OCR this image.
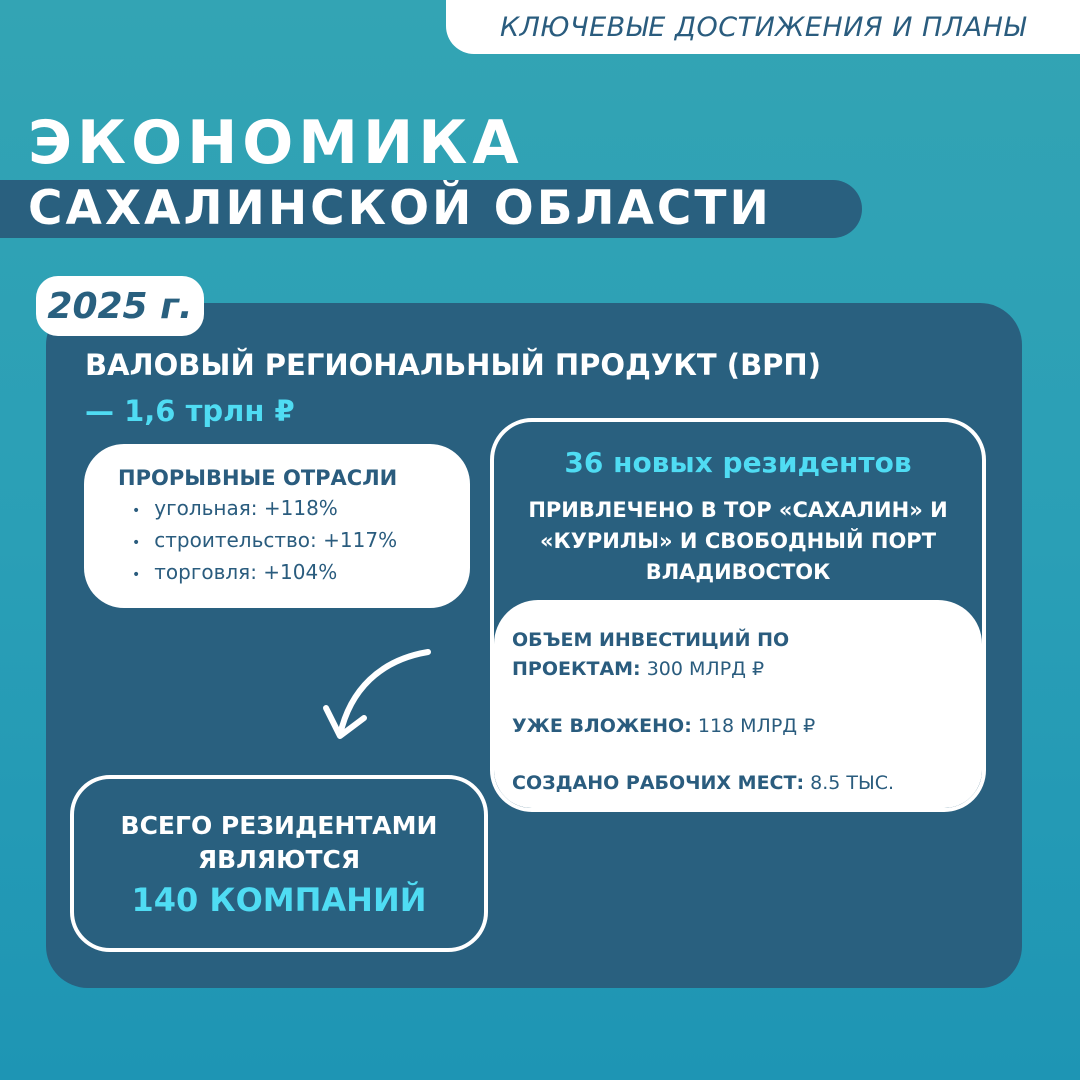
КЛЮЧЕВЫЕ ДОСТИЖЕНИЯ И ПЛАНЫ
ЭКОНОМИКА
САХАЛИНСКОЙ ОБЛАСТИ
2025 г.
ВАЛОВЫЙ РЕГИОНАЛЬНЫЙ ПРОДУКТ (ВРП)
— 1,6 трлн ₽
ПРОРЫВНЫЕ ОТРАСЛИ
• угольная: +118%
• строительство: +117%
• торговля: +104%
ВСЕГО РЕЗИДЕНТАМИ ЯВЛЯЮТСЯ
140 КОМПАНИЙ
36 новых резидентов
ПРИВЛЕЧЕНО В ТОР «САХАЛИН» И «КУРИЛЫ» И СВОБОДНЫЙ ПОРТ ВЛАДИВОСТОК

ОБЪЕМ ИНВЕСТИЦИЙ ПО ПРОЕКТАМ: 300 МЛРД ₽

УЖЕ ВЛОЖЕНО: 118 МЛРД ₽

СОЗДАНО РАБОЧИХ МЕСТ: 8.5 ТЫС.
